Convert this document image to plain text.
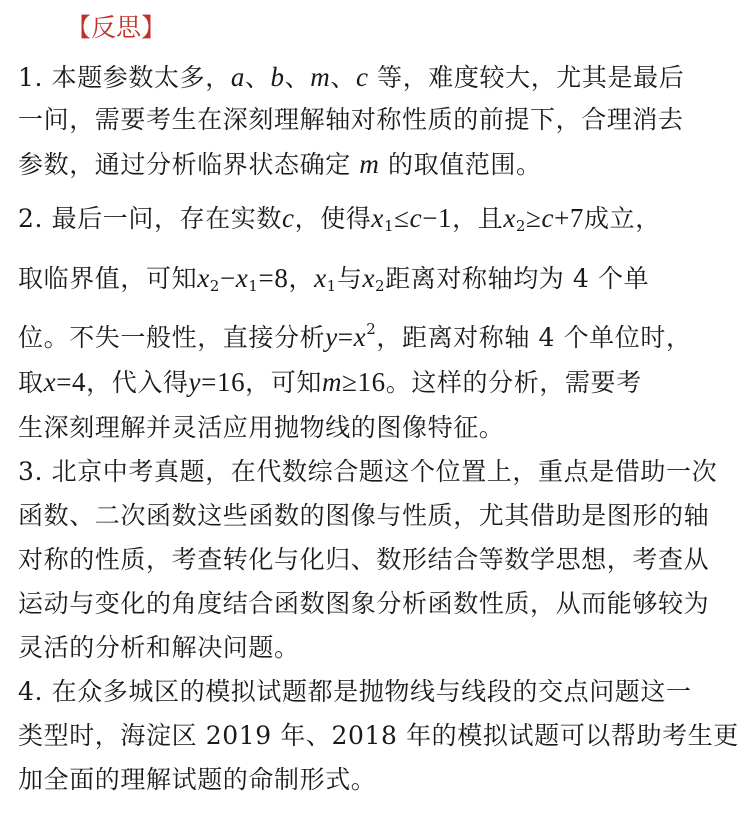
【反思】
1. 本题参数太多，a、b、m、c 等，难度较大，尤其是最后
一问，需要考生在深刻理解轴对称性质的前提下，合理消去
参数，通过分析临界状态确定 m 的取值范围。
2. 最后一问，存在实数c，使得$x_1\le c-1$，且$x_2\ge c+7$成立，
取临界值，可知$x_2-x_1=8$，$x_1$与$x_2$距离对称轴均为 4 个单
位。不失一般性，直接分析$y=x^2$，距离对称轴 4 个单位时，
取x=4，代入得y=16，可知m≥16。这样的分析，需要考
生深刻理解并灵活应用抛物线的图像特征。
3. 北京中考真题，在代数综合题这个位置上，重点是借助一次
函数、二次函数这些函数的图像与性质，尤其借助是图形的轴
对称的性质，考查转化与化归、数形结合等数学思想，考查从
运动与变化的角度结合函数图象分析函数性质，从而能够较为
灵活的分析和解决问题。
4. 在众多城区的模拟试题都是抛物线与线段的交点问题这一
类型时，海淀区 2019 年、2018 年的模拟试题可以帮助考生更
加全面的理解试题的命制形式。
